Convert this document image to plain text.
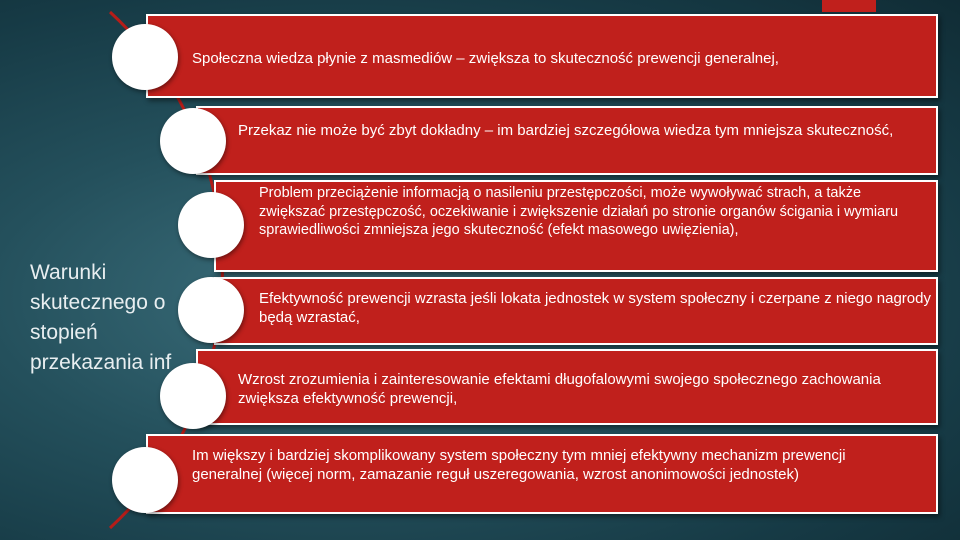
Warunki
skutecznego o
stopień
przekazania inf
Społeczna wiedza płynie z masmediów – zwiększa to skuteczność prewencji generalnej,
Przekaz nie może być zbyt dokładny – im bardziej szczegółowa wiedza tym mniejsza skuteczność,
Problem przeciążenie informacją o nasileniu przestępczości, może wywoływać strach, a także zwiększać przestępczość, oczekiwanie i zwiększenie działań po stronie organów ścigania i wymiaru sprawiedliwości zmniejsza jego skuteczność (efekt masowego uwięzienia),
Efektywność prewencji wzrasta jeśli lokata jednostek w system społeczny i czerpane z niego nagrody będą wzrastać,
Wzrost zrozumienia i zainteresowanie efektami długofalowymi swojego społecznego zachowania zwiększa efektywność prewencji,
Im większy i bardziej skomplikowany system społeczny tym mniej efektywny mechanizm prewencji generalnej (więcej norm, zamazanie reguł uszeregowania, wzrost anonimowości jednostek)
